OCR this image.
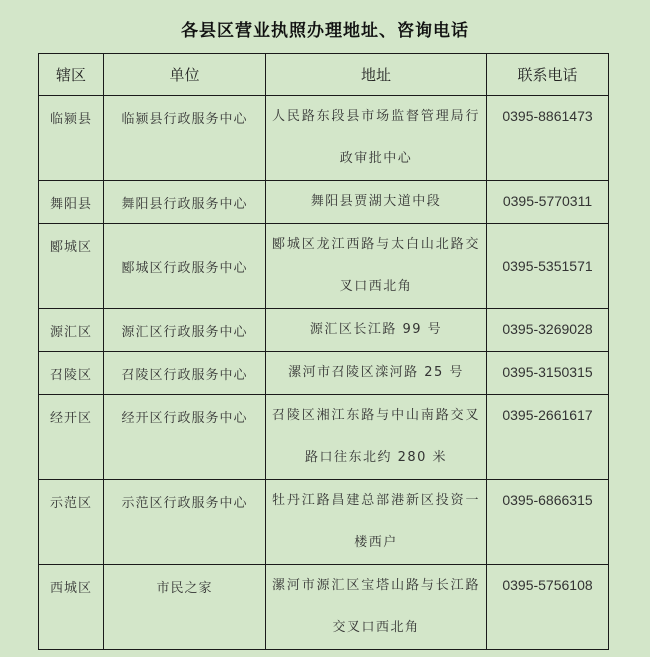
各县区营业执照办理地址、咨询电话
辖区	单位	地址	联系电话
临颍县	临颍县行政服务中心	人民路东段县市场监督管理局行政审批中心	0395-8861473
舞阳县	舞阳县行政服务中心	舞阳县贾湖大道中段	0395-5770311
郾城区	郾城区行政服务中心	郾城区龙江西路与太白山北路交叉口西北角	0395-5351571
源汇区	源汇区行政服务中心	源汇区长江路 99 号	0395-3269028
召陵区	召陵区行政服务中心	漯河市召陵区滦河路 25 号	0395-3150315
经开区	经开区行政服务中心	召陵区湘江东路与中山南路交叉路口往东北约 280 米	0395-2661617
示范区	示范区行政服务中心	牡丹江路昌建总部港新区投资一楼西户	0395-6866315
西城区	市民之家	漯河市源汇区宝塔山路与长江路交叉口西北角	0395-5756108
